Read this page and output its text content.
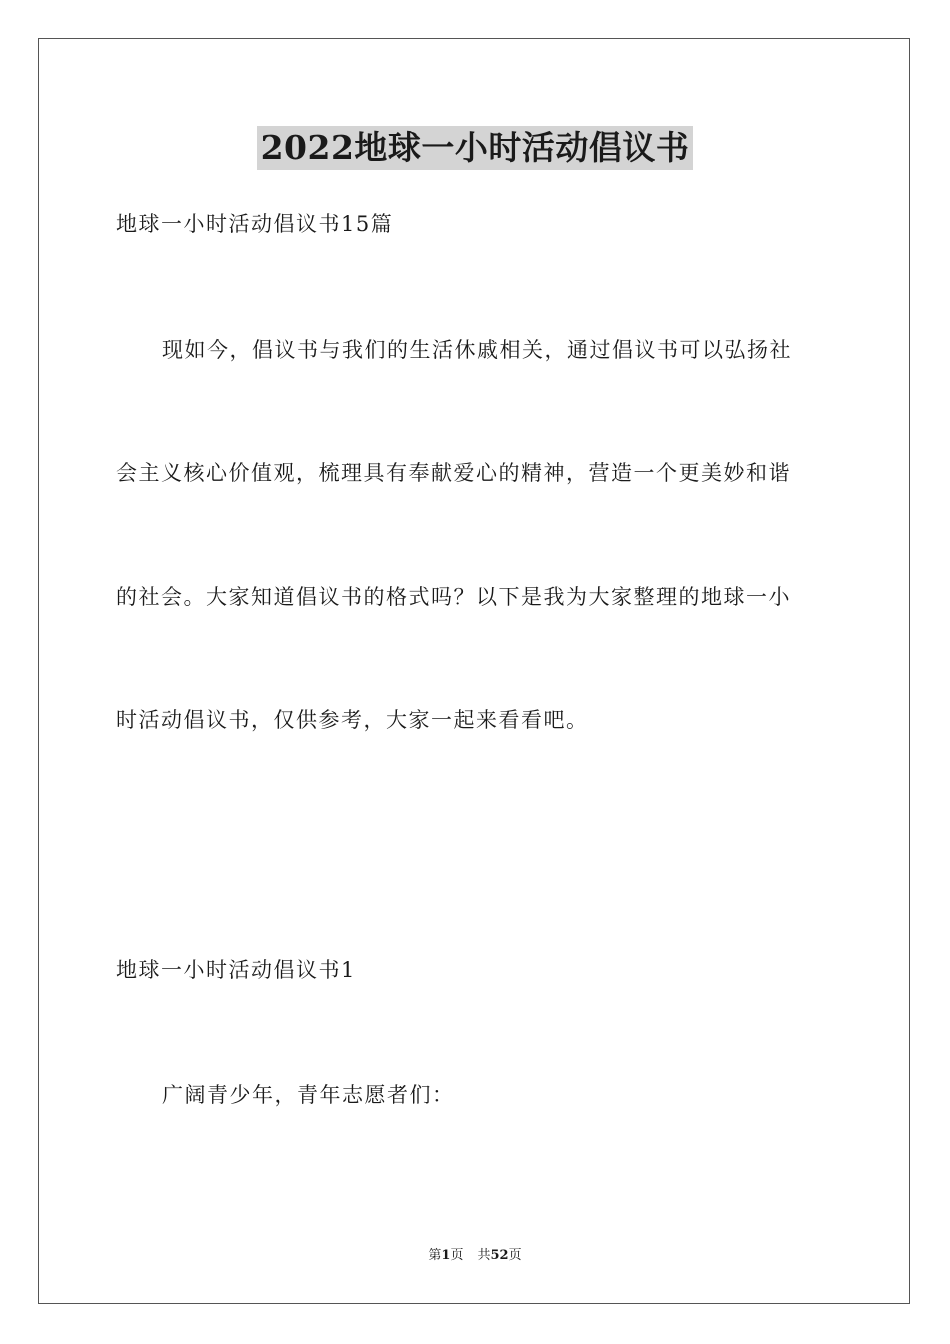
2022地球一小时活动倡议书
地球一小时活动倡议书15篇
现如今，倡议书与我们的生活休戚相关，通过倡议书可以弘扬社
会主义核心价值观，梳理具有奉献爱心的精神，营造一个更美妙和谐
的社会。大家知道倡议书的格式吗？以下是我为大家整理的地球一小
时活动倡议书，仅供参考，大家一起来看看吧。
地球一小时活动倡议书1
广阔青少年，青年志愿者们：
第1页 共52页
